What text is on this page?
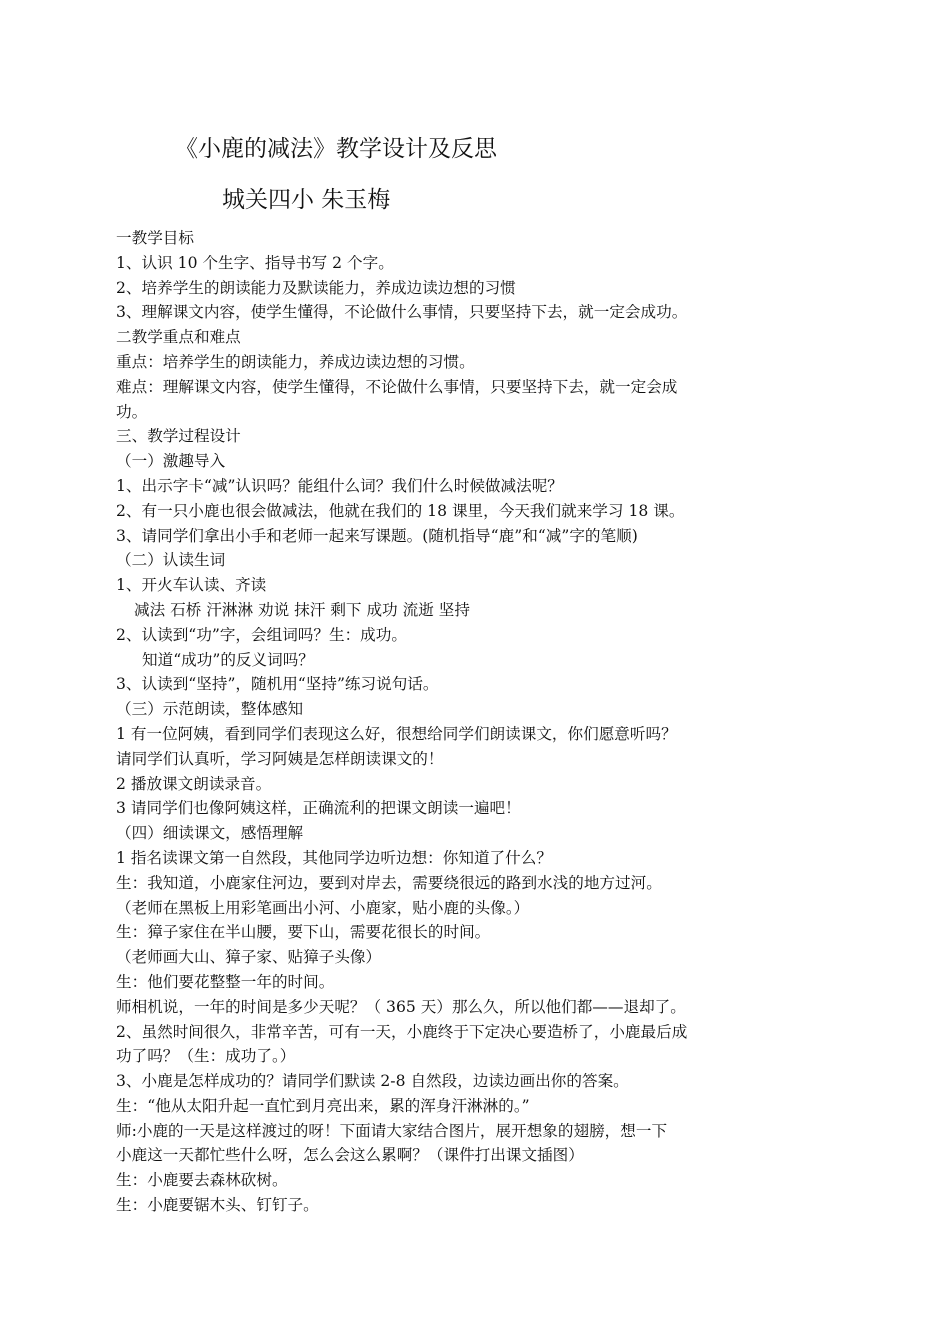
《小鹿的减法》教学设计及反思
城关四小 朱玉梅
一教学目标
1、认识 10 个生字、指导书写 2 个字。
2、培养学生的朗读能力及默读能力，养成边读边想的习惯
3、理解课文内容，使学生懂得，不论做什么事情，只要坚持下去，就一定会成功。
二教学重点和难点
重点：培养学生的朗读能力，养成边读边想的习惯。
难点：理解课文内容，使学生懂得，不论做什么事情，只要坚持下去，就一定会成
功。
三、教学过程设计
（一）激趣导入
1、出示字卡“减”认识吗？能组什么词？我们什么时候做减法呢？
2、有一只小鹿也很会做减法，他就在我们的 18 课里，今天我们就来学习 18 课。
3、请同学们拿出小手和老师一起来写课题。(随机指导“鹿”和“减”字的笔顺)
（二）认读生词
1、开火车认读、齐读
减法 石桥 汗淋淋 劝说 抹汗 剩下 成功 流逝 坚持
2、认读到“功”字，会组词吗？生：成功。
知道“成功”的反义词吗？
3、认读到“坚持”，随机用“坚持”练习说句话。
（三）示范朗读，整体感知
1 有一位阿姨，看到同学们表现这么好，很想给同学们朗读课文，你们愿意听吗？
请同学们认真听，学习阿姨是怎样朗读课文的！
2 播放课文朗读录音。
3 请同学们也像阿姨这样，正确流利的把课文朗读一遍吧！
（四）细读课文，感悟理解
1 指名读课文第一自然段，其他同学边听边想：你知道了什么？
生：我知道，小鹿家住河边，要到对岸去，需要绕很远的路到水浅的地方过河。
（老师在黑板上用彩笔画出小河、小鹿家，贴小鹿的头像。）
生：獐子家住在半山腰，要下山，需要花很长的时间。
（老师画大山、獐子家、贴獐子头像）
生：他们要花整整一年的时间。
师相机说，一年的时间是多少天呢？（ 365 天）那么久，所以他们都——退却了。
2、虽然时间很久，非常辛苦，可有一天，小鹿终于下定决心要造桥了，小鹿最后成
功了吗？（生：成功了。）
3、小鹿是怎样成功的？请同学们默读 2-8 自然段，边读边画出你的答案。
生：“他从太阳升起一直忙到月亮出来，累的浑身汗淋淋的。”
师:小鹿的一天是这样渡过的呀！下面请大家结合图片，展开想象的翅膀，想一下
小鹿这一天都忙些什么呀，怎么会这么累啊？（课件打出课文插图）
生：小鹿要去森林砍树。
生：小鹿要锯木头、钉钉子。
